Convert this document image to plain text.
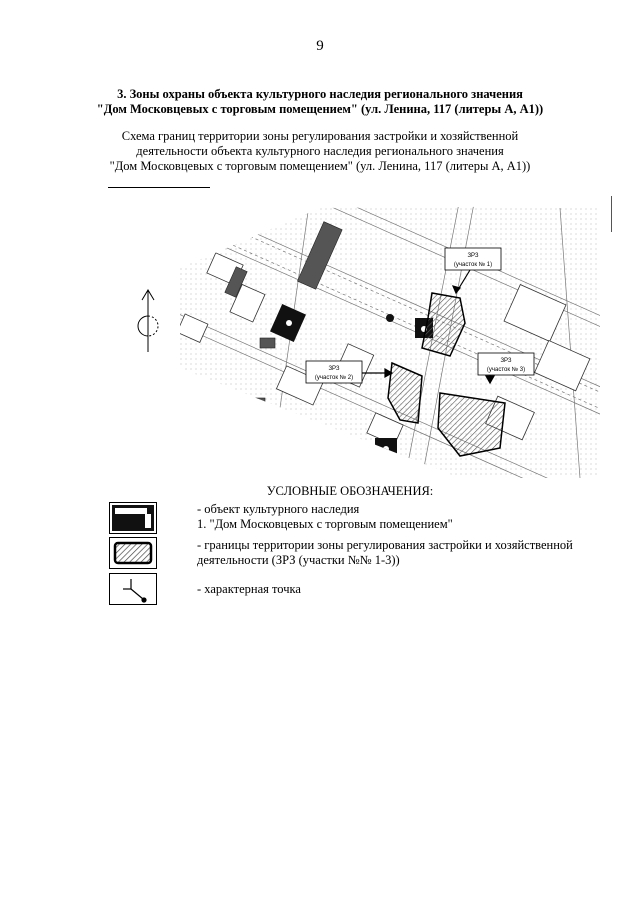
9
3. Зоны охраны объекта культурного наследия регионального значения
"Дом Московцевых с торговым помещением" (ул. Ленина, 117 (литеры А, А1))
Схема границ территории зоны регулирования застройки и хозяйственной
деятельности объекта культурного наследия регионального значения
"Дом Московцевых с торговым помещением" (ул. Ленина, 117 (литеры А, А1))
ЗРЗ
(участок № 1)
ЗРЗ
(участок № 2)
ЗРЗ
(участок № 3)
УСЛОВНЫЕ ОБОЗНАЧЕНИЯ:
- объект культурного наследия
1. "Дом Московцевых с торговым помещением"
- границы территории зоны регулирования застройки и хозяйственной
деятельности (ЗРЗ (участки №№ 1-3))
- характерная точка
